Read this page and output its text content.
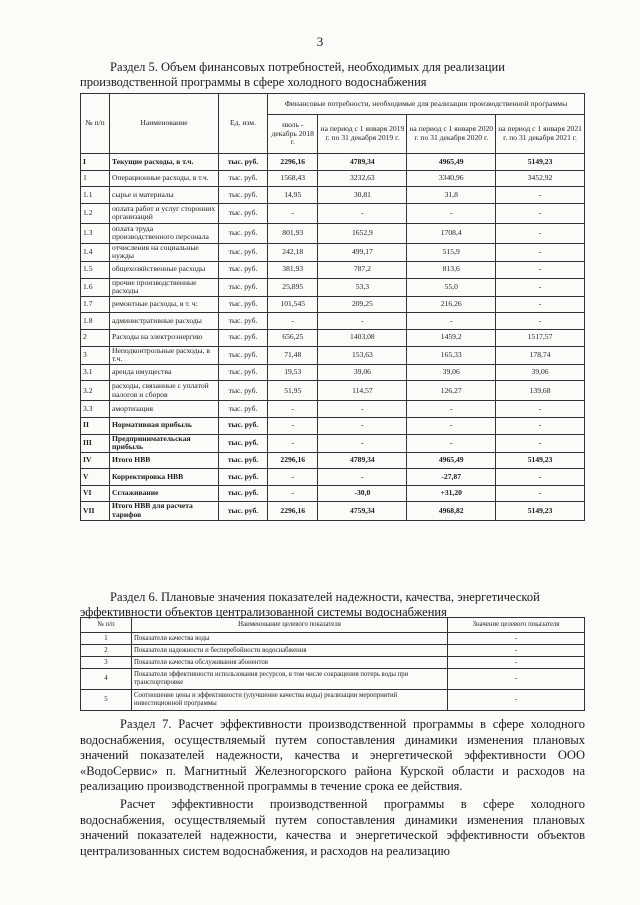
3
Раздел 5. Объем финансовых потребностей, необходимых для реализации производственной программы в сфере холодного водоснабжения
№ п/п	Наименование	Ед. изм.	Финансовые потребности, необходимые для реализации производственной программы			
			июль - декабрь 2018 г.	на период с 1 января 2019 г. по 31 декабря 2019 г.	на период с 1 января 2020 г. по 31 декабря 2020 г.	на период с 1 января 2021 г. по 31 декабря 2021 г.
I	Текущие расходы, в т.ч.	тыс. руб.	2296,16	4789,34	4965,49	5149,23
1	Операционные расходы, в т.ч.	тыс. руб.	1568,43	3232,63	3340,96	3452,92
1.1	сырье и материалы	тыс. руб.	14,95	30,81	31,8	-
1.2	оплата работ и услуг сторонних организаций	тыс. руб.	-	-	-	-
1.3	оплата труда производственного персонала	тыс. руб.	801,93	1652,9	1708,4	-
1.4	отчисления на социальные нужды	тыс. руб.	242,18	499,17	515,9	-
1.5	общехозяйственные расходы	тыс. руб.	381,93	787,2	813,6	-
1.6	прочие производственные расходы	тыс. руб.	25,895	53,3	55,0	-
1.7	ремонтные расходы, в т. ч:	тыс. руб.	101,545	209,25	216,26	-
1.8	административные расходы	тыс. руб.	-	-	-	-
2	Расходы на электроэнергию	тыс. руб.	656,25	1403,08	1459,2	1517,57
3	Неподконтрольные расходы, в т.ч.	тыс. руб.	71,48	153,63	165,33	178,74
3.1	аренда имущества	тыс. руб.	19,53	39,06	39,06	39,06
3.2	расходы, связанные с уплатой налогов и сборов	тыс. руб.	51,95	114,57	126,27	139,68
3.3	амортизация	тыс. руб.	-	-	-	-
II	Нормативная прибыль	тыс. руб.	-	-	-	-
III	Предпринимательская прибыль	тыс. руб.	-	-	-	-
IV	Итого НВВ	тыс. руб.	2296,16	4789,34	4965,49	5149,23
V	Корректировка НВВ	тыс. руб.	-	-	-27,87	-
VI	Сглаживание	тыс. руб.	-	-30,0	+31,20	-
VII	Итого НВВ для расчета тарифов	тыс. руб.	2296,16	4759,34	4968,82	5149,23
Раздел 6. Плановые значения показателей надежности, качества, энергетической эффективности объектов централизованной системы водоснабжения
№ п/п	Наименование целевого показателя	Значение целевого показателя
1	Показатели качества воды	-
2	Показатели надежности и бесперебойности водоснабжения	-
3	Показатели качества обслуживания абонентов	-
4	Показатели эффективности использования ресурсов, в том числе сокращения потерь воды при транспортировке	-
5	Соотношение цены и эффективности (улучшение качества воды) реализации мероприятий инвестиционной программы	-
Раздел 7. Расчет эффективности производственной программы в сфере холодного водоснабжения, осуществляемый путем сопоставления динамики изменения плановых значений показателей надежности, качества и энергетической эффективности ООО «ВодоСервис» п. Магнитный Железногорского района Курской области и расходов на реализацию производственной программы в течение срока ее действия.
Расчет эффективности производственной программы в сфере холодного водоснабжения, осуществляемый путем сопоставления динамики изменения плановых значений показателей надежности, качества и энергетической эффективности объектов централизованных систем водоснабжения, и расходов на реализацию
